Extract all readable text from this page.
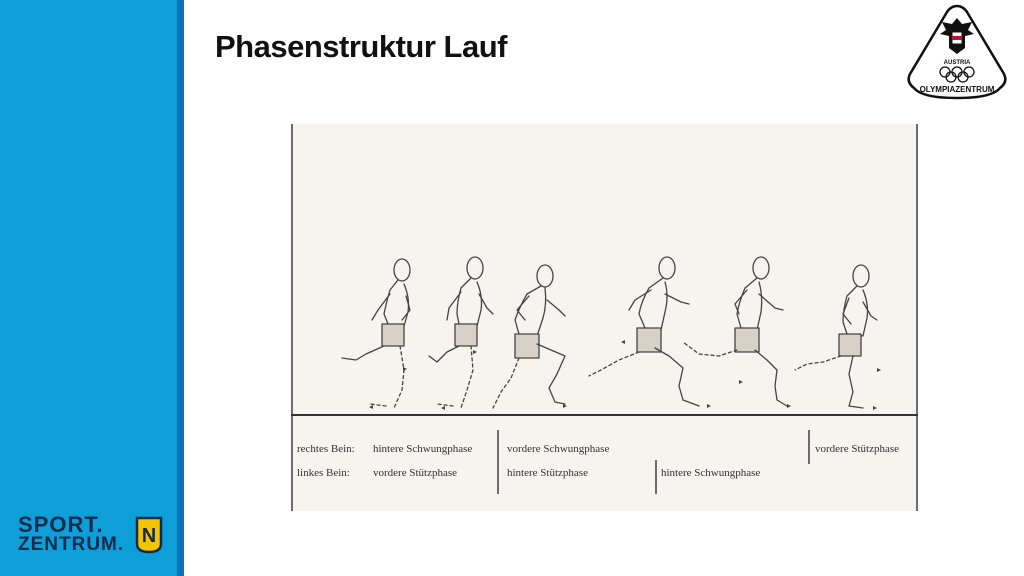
Phasenstruktur Lauf	AUSTRIA
OLYMPIAZENTRUM
SPORT.
ZENTRUM. N
rechtes Bein: hintere Schwungphase	vordere Schwungphase	vordere Stützphase
linkes Bein: vordere Stützphase	hintere Stützphase	hintere Schwungphase
